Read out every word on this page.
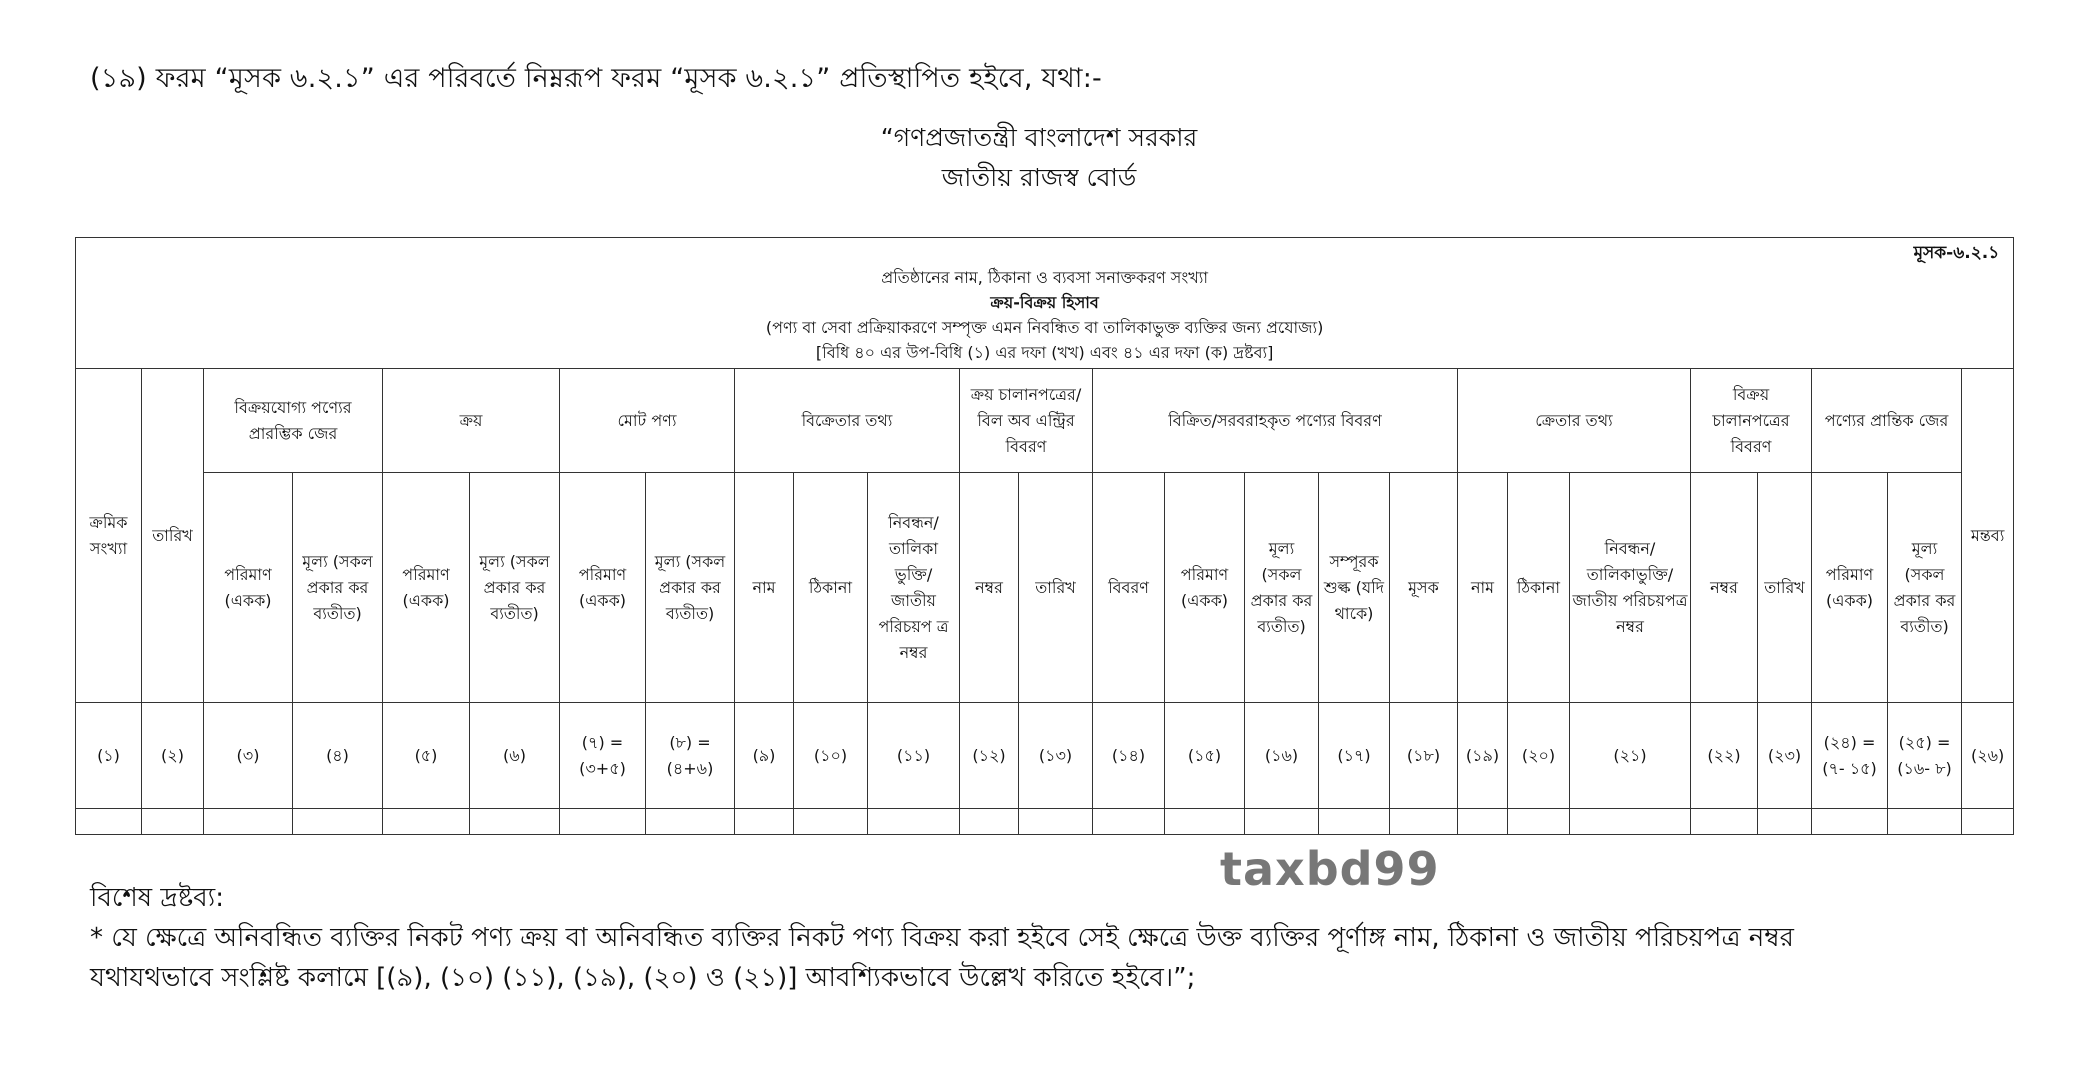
(১৯) ফরম “মূসক ৬.২.১” এর পরিবর্তে নিম্নরূপ ফরম “মূসক ৬.২.১” প্রতিস্থাপিত হইবে, যথা:-
“গণপ্রজাতন্ত্রী বাংলাদেশ সরকার
জাতীয় রাজস্ব বোর্ড
মূসক-৬.২.১
প্রতিষ্ঠানের নাম, ঠিকানা ও ব্যবসা সনাক্তকরণ সংখ্যা
ক্রয়-বিক্রয় হিসাব
(পণ্য বা সেবা প্রক্রিয়াকরণে সম্পৃক্ত এমন নিবন্ধিত বা তালিকাভুক্ত ব্যক্তির জন্য প্রযোজ্য)
[বিধি ৪০ এর উপ-বিধি (১) এর দফা (খখ) এবং ৪১ এর দফা (ক) দ্রষ্টব্য]																									

ক্রমিক সংখ্যা	তারিখ	বিক্রয়যোগ্য পণ্যের প্রারম্ভিক জের		ক্রয়		মোট পণ্য		বিক্রেতার তথ্য			ক্রয় চালানপত্রের/ বিল অব এন্ট্রির বিবরণ		বিক্রিত/সরবরাহকৃত পণ্যের বিবরণ					ক্রেতার তথ্য			বিক্রয় চালানপত্রের বিবরণ		পণ্যের প্রান্তিক জের		মন্তব্য
		পরিমাণ (একক)	মূল্য (সকল প্রকার কর ব্যতীত)	পরিমাণ (একক)	মূল্য (সকল প্রকার কর ব্যতীত)	পরিমাণ (একক)	মূল্য (সকল প্রকার কর ব্যতীত)	নাম	ঠিকানা	নিবন্ধন/ তালিকা ভুক্তি/ জাতীয় পরিচয়প ত্র নম্বর	নম্বর	তারিখ	বিবরণ	পরিমাণ (একক)	মূল্য (সকল প্রকার কর ব্যতীত)	সম্পূরক শুল্ক (যদি থাকে)	মূসক	নাম	ঠিকানা	নিবন্ধন/ তালিকাভুক্তি/ জাতীয় পরিচয়পত্র নম্বর	নম্বর	তারিখ	পরিমাণ (একক)	মূল্য (সকল প্রকার কর ব্যতীত)	
(১)	(২)	(৩)	(৪)	(৫)	(৬)	(৭) = (৩+৫)	(৮) = (৪+৬)	(৯)	(১০)	(১১)	(১২)	(১৩)	(১৪)	(১৫)	(১৬)	(১৭)	(১৮)	(১৯)	(২০)	(২১)	(২২)	(২৩)	(২৪) = (৭- ১৫)	(২৫) = (১৬- ৮)	(২৬)

taxbd99
বিশেষ দ্রষ্টব্য:
* যে ক্ষেত্রে অনিবন্ধিত ব্যক্তির নিকট পণ্য ক্রয় বা অনিবন্ধিত ব্যক্তির নিকট পণ্য বিক্রয় করা হইবে সেই ক্ষেত্রে উক্ত ব্যক্তির পূর্ণাঙ্গ নাম, ঠিকানা ও জাতীয় পরিচয়পত্র নম্বর
যথাযথভাবে সংশ্লিষ্ট কলামে [(৯), (১০) (১১), (১৯), (২০) ও (২১)] আবশ্যিকভাবে উল্লেখ করিতে হইবে।”;
